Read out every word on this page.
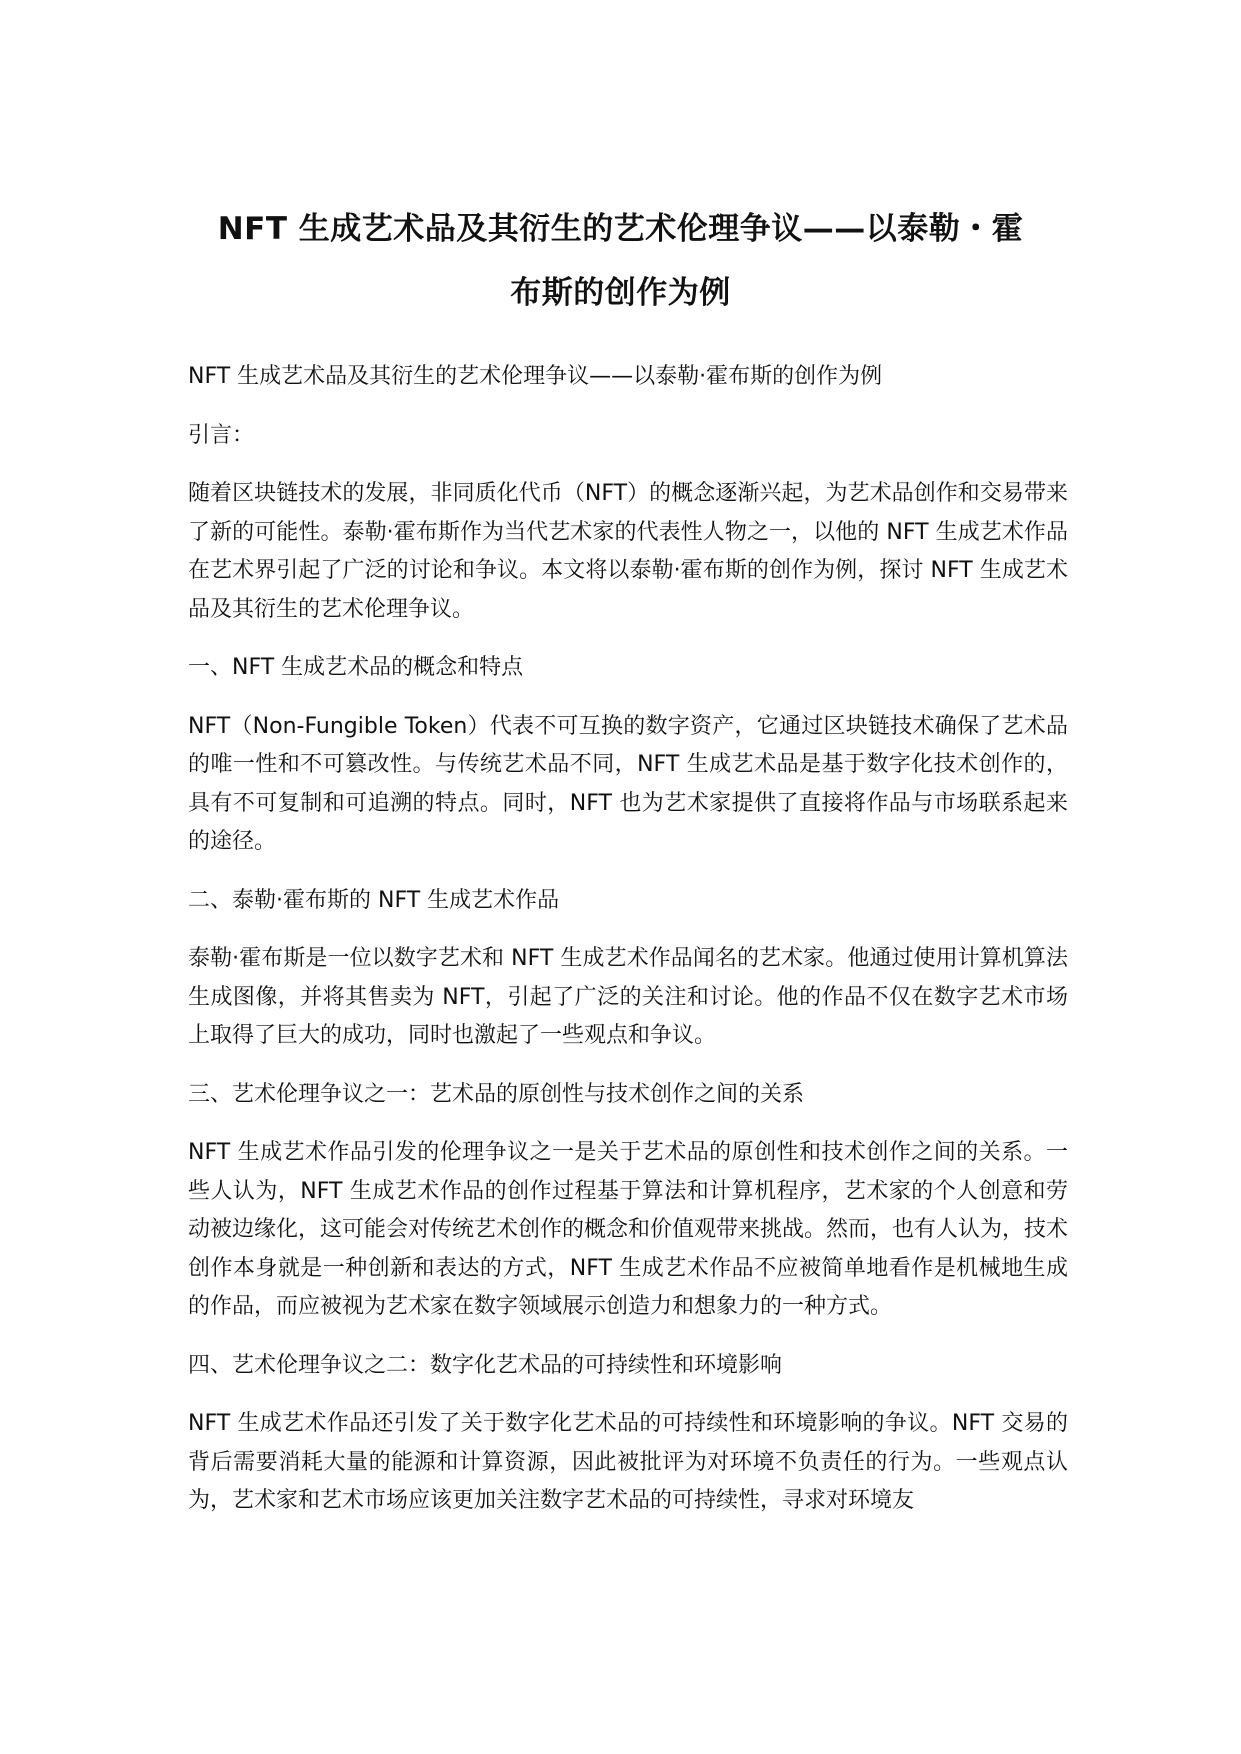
NFT 生成艺术品及其衍生的艺术伦理争议——以泰勒・霍
布斯的创作为例

NFT 生成艺术品及其衍生的艺术伦理争议——以泰勒·霍布斯的创作为例

引言：

随着区块链技术的发展，非同质化代币（NFT）的概念逐渐兴起，为艺术品创作和交易带来了新的可能性。泰勒·霍布斯作为当代艺术家的代表性人物之一，以他的 NFT 生成艺术作品在艺术界引起了广泛的讨论和争议。本文将以泰勒·霍布斯的创作为例，探讨 NFT 生成艺术品及其衍生的艺术伦理争议。

一、NFT 生成艺术品的概念和特点

NFT（Non-Fungible Token）代表不可互换的数字资产，它通过区块链技术确保了艺术品的唯一性和不可篡改性。与传统艺术品不同，NFT 生成艺术品是基于数字化技术创作的，具有不可复制和可追溯的特点。同时，NFT 也为艺术家提供了直接将作品与市场联系起来的途径。

二、泰勒·霍布斯的 NFT 生成艺术作品

泰勒·霍布斯是一位以数字艺术和 NFT 生成艺术作品闻名的艺术家。他通过使用计算机算法生成图像，并将其售卖为 NFT，引起了广泛的关注和讨论。他的作品不仅在数字艺术市场上取得了巨大的成功，同时也激起了一些观点和争议。

三、艺术伦理争议之一：艺术品的原创性与技术创作之间的关系

NFT 生成艺术作品引发的伦理争议之一是关于艺术品的原创性和技术创作之间的关系。一些人认为，NFT 生成艺术作品的创作过程基于算法和计算机程序，艺术家的个人创意和劳动被边缘化，这可能会对传统艺术创作的概念和价值观带来挑战。然而，也有人认为，技术创作本身就是一种创新和表达的方式，NFT 生成艺术作品不应被简单地看作是机械地生成的作品，而应被视为艺术家在数字领域展示创造力和想象力的一种方式。

四、艺术伦理争议之二：数字化艺术品的可持续性和环境影响

NFT 生成艺术作品还引发了关于数字化艺术品的可持续性和环境影响的争议。NFT 交易的背后需要消耗大量的能源和计算资源，因此被批评为对环境不负责任的行为。一些观点认为，艺术家和艺术市场应该更加关注数字艺术品的可持续性，寻求对环境友
